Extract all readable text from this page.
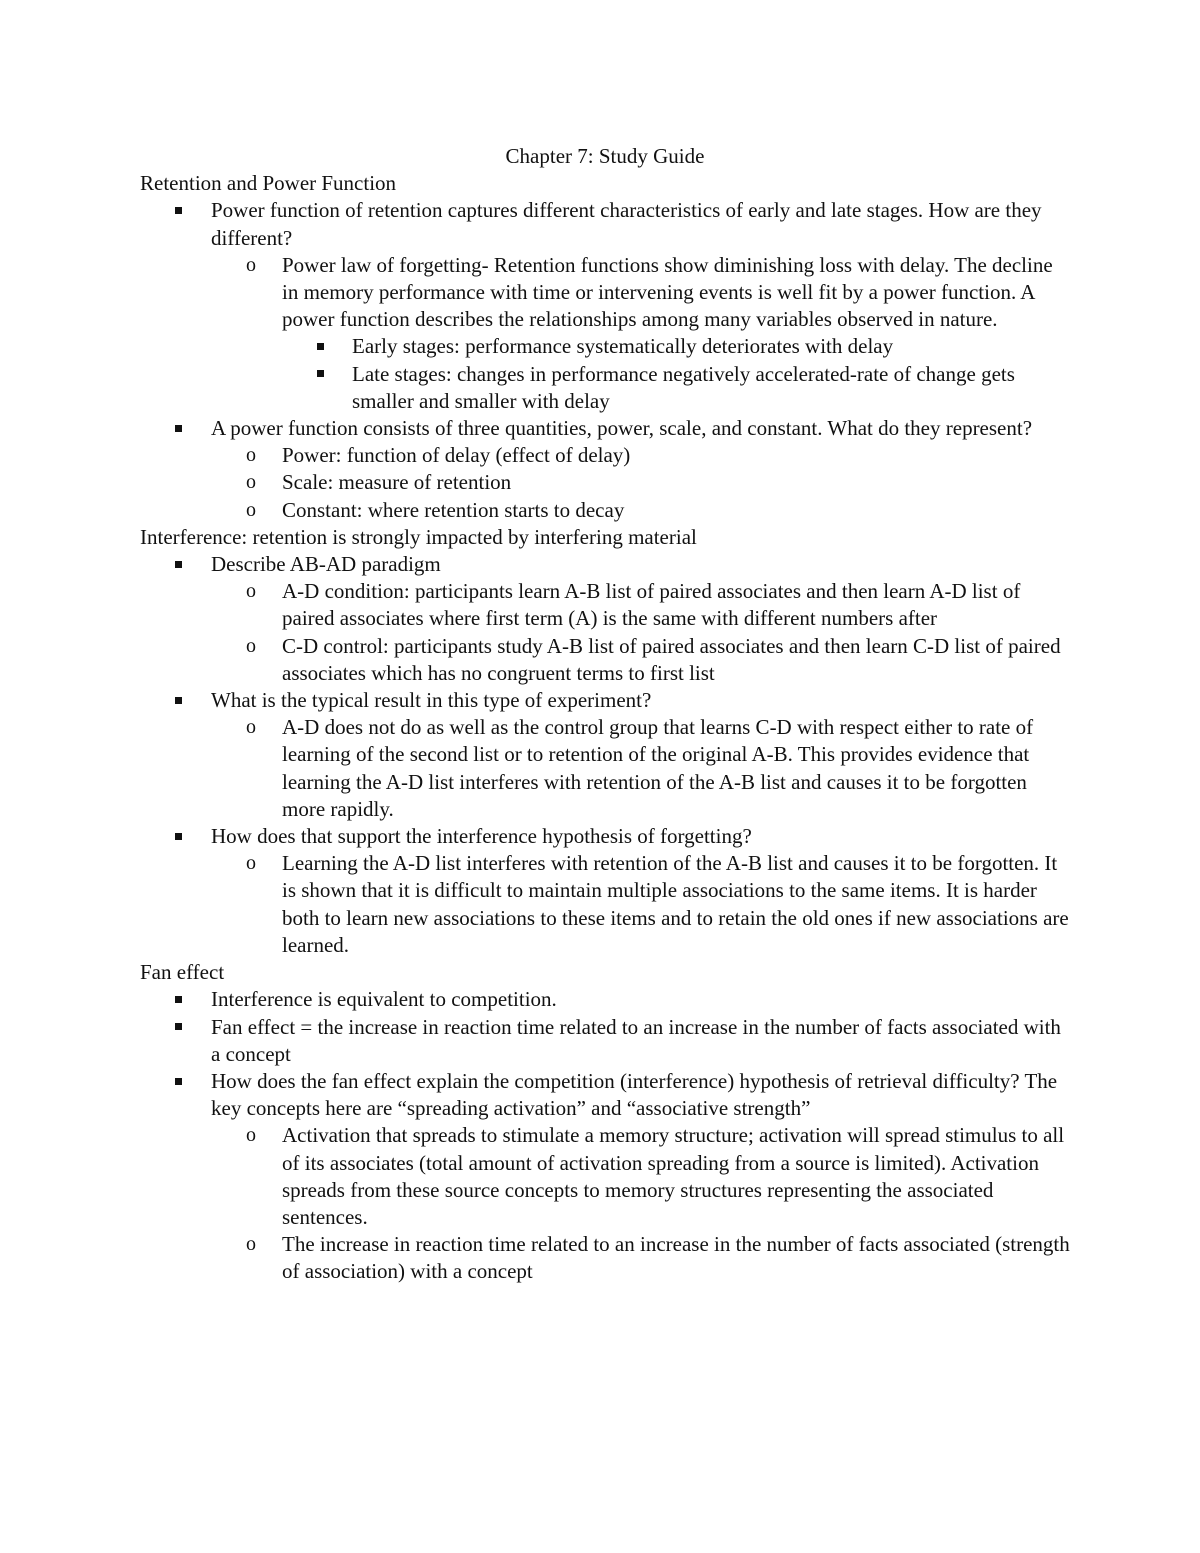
Chapter 7: Study Guide

Retention and Power Function

Power function of retention captures different characteristics of early and late stages. How are they different?
o	Power law of forgetting- Retention functions show diminishing loss with delay. The decline in memory performance with time or intervening events is well fit by a power function. A power function describes the relationships among many variables observed in nature.
Early stages: performance systematically deteriorates with delay
Late stages: changes in performance negatively accelerated-rate of change gets smaller and smaller with delay
A power function consists of three quantities, power, scale, and constant. What do they represent?
o	Power: function of delay (effect of delay)
o	Scale: measure of retention
o	Constant: where retention starts to decay

Interference: retention is strongly impacted by interfering material

Describe AB-AD paradigm
o	A-D condition: participants learn A-B list of paired associates and then learn A-D list of paired associates where first term (A) is the same with different numbers after
o	C-D control: participants study A-B list of paired associates and then learn C-D list of paired associates which has no congruent terms to first list
What is the typical result in this type of experiment?
o	A-D does not do as well as the control group that learns C-D with respect either to rate of learning of the second list or to retention of the original A-B. This provides evidence that learning the A-D list interferes with retention of the A-B list and causes it to be forgotten more rapidly.
How does that support the interference hypothesis of forgetting?
o	Learning the A-D list interferes with retention of the A-B list and causes it to be forgotten. It is shown that it is difficult to maintain multiple associations to the same items. It is harder both to learn new associations to these items and to retain the old ones if new associations are learned.

Fan effect

Interference is equivalent to competition.
Fan effect = the increase in reaction time related to an increase in the number of facts associated with a concept
How does the fan effect explain the competition (interference) hypothesis of retrieval difficulty? The key concepts here are “spreading activation” and “associative strength”
o	Activation that spreads to stimulate a memory structure; activation will spread stimulus to all of its associates (total amount of activation spreading from a source is limited). Activation spreads from these source concepts to memory structures representing the associated sentences.
o	The increase in reaction time related to an increase in the number of facts associated (strength of association) with a concept
